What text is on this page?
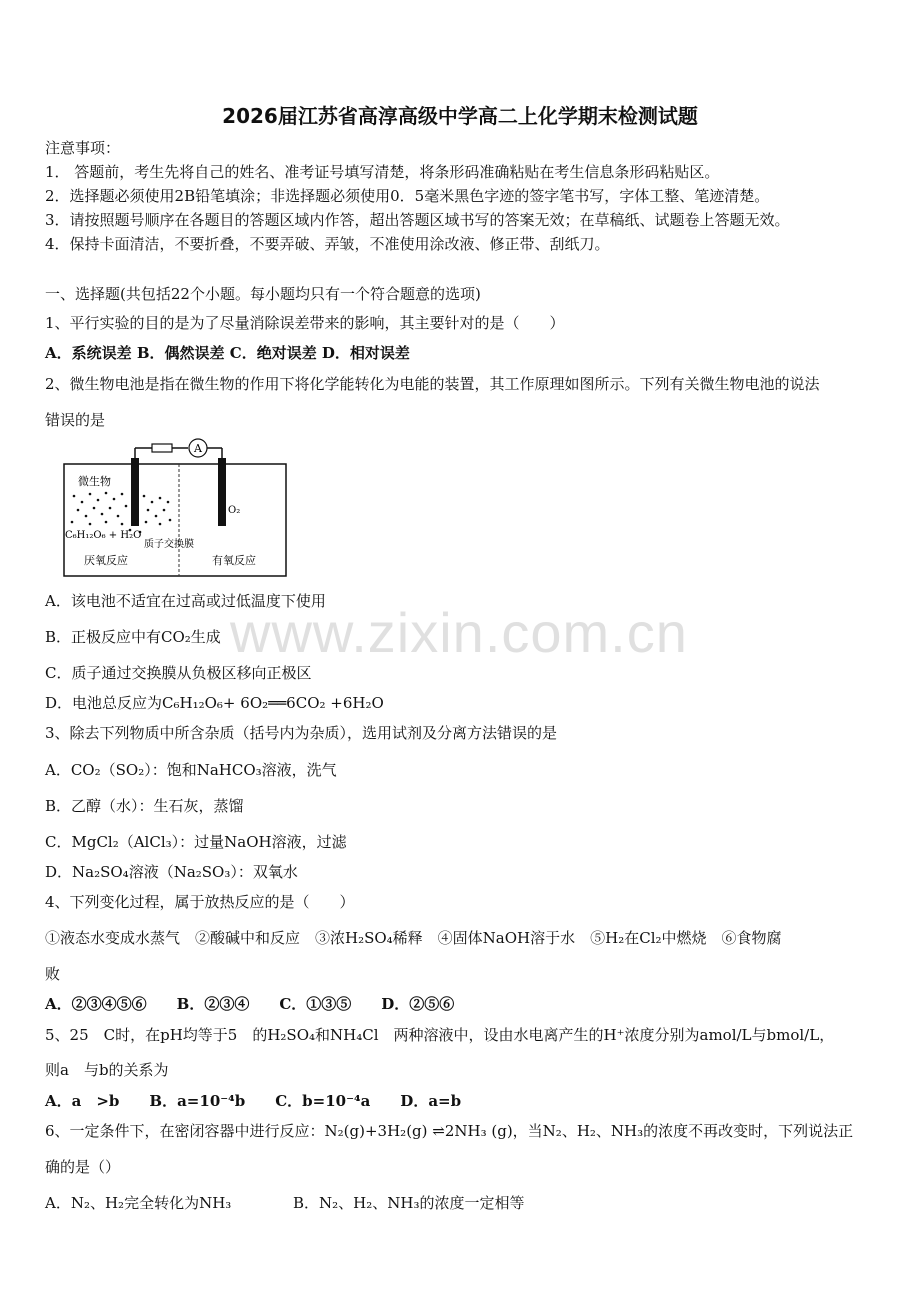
www.zixin.com.cn
2026届江苏省高淳高级中学高二上化学期末检测试题
注意事项：
1． 答题前，考生先将自己的姓名、准考证号填写清楚，将条形码准确粘贴在考生信息条形码粘贴区。
2．选择题必须使用2B铅笔填涂；非选择题必须使用0．5毫米黑色字迹的签字笔书写，字体工整、笔迹清楚。
3．请按照题号顺序在各题目的答题区域内作答，超出答题区域书写的答案无效；在草稿纸、试题卷上答题无效。
4．保持卡面清洁，不要折叠，不要弄破、弄皱，不准使用涂改液、修正带、刮纸刀。
一、选择题(共包括22个小题。每小题均只有一个符合题意的选项)
1、平行实验的目的是为了尽量消除误差带来的影响，其主要针对的是（　　）
A．系统误差 B．偶然误差 C．绝对误差 D．相对误差
2、微生物电池是指在微生物的作用下将化学能转化为电能的装置，其工作原理如图所示。下列有关微生物电池的说法
错误的是
A
微生物
C₆H₁₂O₆ + H₂O
质子交换膜
O₂
厌氧反应	有氧反应
A．该电池不适宜在过高或过低温度下使用
B．正极反应中有CO₂生成
C．质子通过交换膜从负极区移向正极区
D．电池总反应为C₆H₁₂O₆+ 6O₂══6CO₂ +6H₂O
3、除去下列物质中所含杂质（括号内为杂质），选用试剂及分离方法错误的是
A．CO₂（SO₂）：饱和NaHCO₃溶液，洗气
B．乙醇（水）：生石灰，蒸馏
C．MgCl₂（AlCl₃）：过量NaOH溶液，过滤
D．Na₂SO₄溶液（Na₂SO₃）：双氧水
4、下列变化过程，属于放热反应的是（　　）
①液态水变成水蒸气　②酸碱中和反应　③浓H₂SO₄稀释　④固体NaOH溶于水　⑤H₂在Cl₂中燃烧　⑥食物腐
败
A．②③④⑤⑥　　B．②③④　　C．①③⑤　　D．②⑤⑥
5、25　C时，在pH均等于5　的H₂SO₄和NH₄Cl　两种溶液中，设由水电离产生的H⁺浓度分别为amol/L与bmol/L，
则a　与b的关系为
A．a　>b　　B．a=10⁻⁴b　　C．b=10⁻⁴a　　D．a=b
6、一定条件下，在密闭容器中进行反应：N₂(g)+3H₂(g) ⇌2NH₃ (g)，当N₂、H₂、NH₃的浓度不再改变时，下列说法正
确的是（）
A．N₂、H₂完全转化为NH₃	B．N₂、H₂、NH₃的浓度一定相等
